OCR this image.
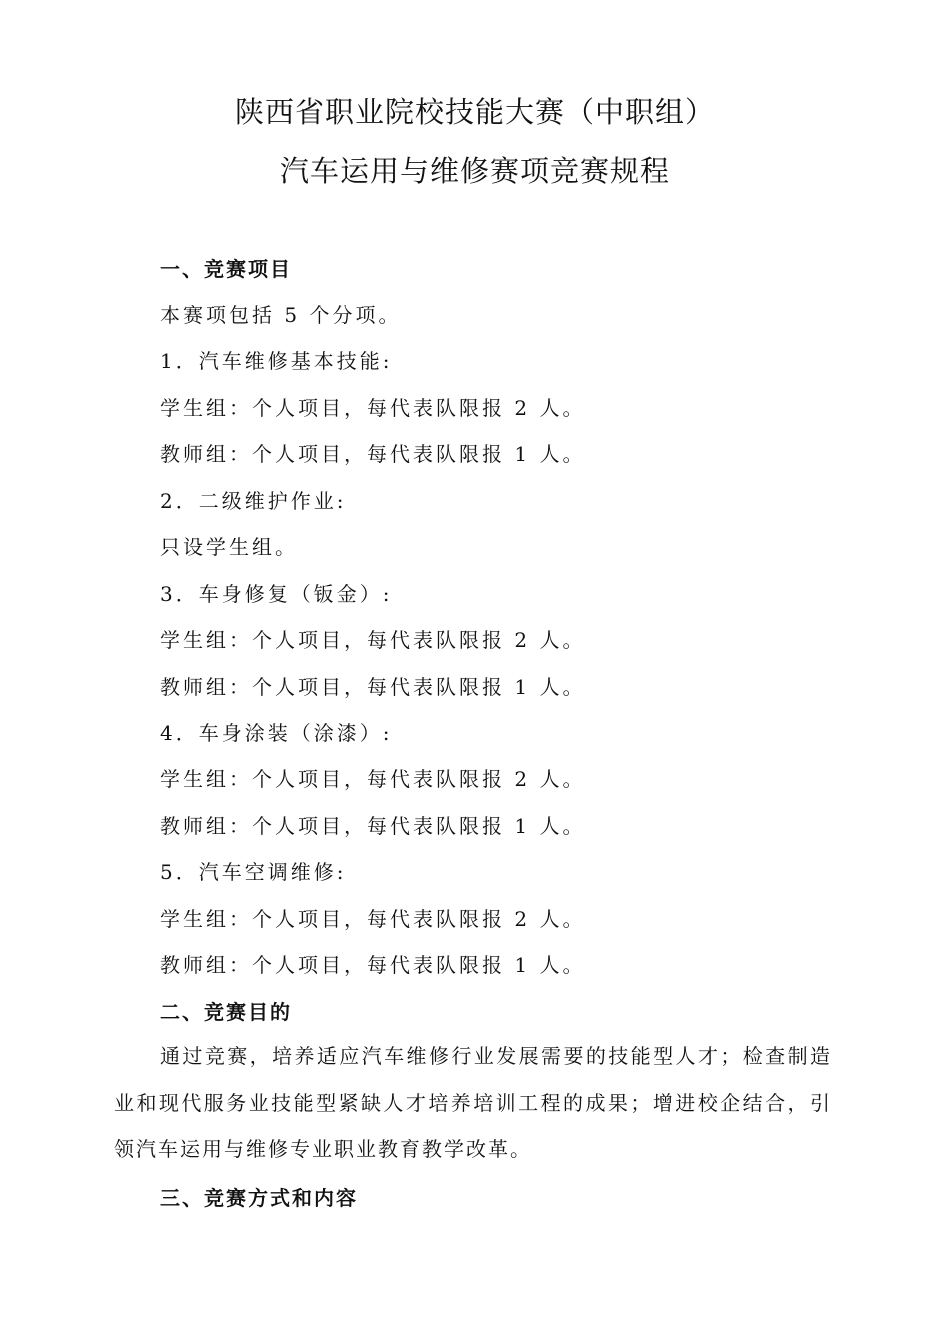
陕西省职业院校技能大赛（中职组）
汽车运用与维修赛项竞赛规程
一、竞赛项目
本赛项包括 5 个分项。
1．汽车维修基本技能:
学生组：个人项目，每代表队限报 2 人。
教师组：个人项目，每代表队限报 1 人。
2．二级维护作业:
只设学生组。
3．车身修复（钣金）:
学生组：个人项目，每代表队限报 2 人。
教师组：个人项目，每代表队限报 1 人。
4．车身涂装（涂漆）:
学生组：个人项目，每代表队限报 2 人。
教师组：个人项目，每代表队限报 1 人。
5．汽车空调维修:
学生组：个人项目，每代表队限报 2 人。
教师组：个人项目，每代表队限报 1 人。
二、竞赛目的
通过竞赛，培养适应汽车维修行业发展需要的技能型人才；检查制造业和现代服务业技能型紧缺人才培养培训工程的成果；增进校企结合，引领汽车运用与维修专业职业教育教学改革。
三、竞赛方式和内容
